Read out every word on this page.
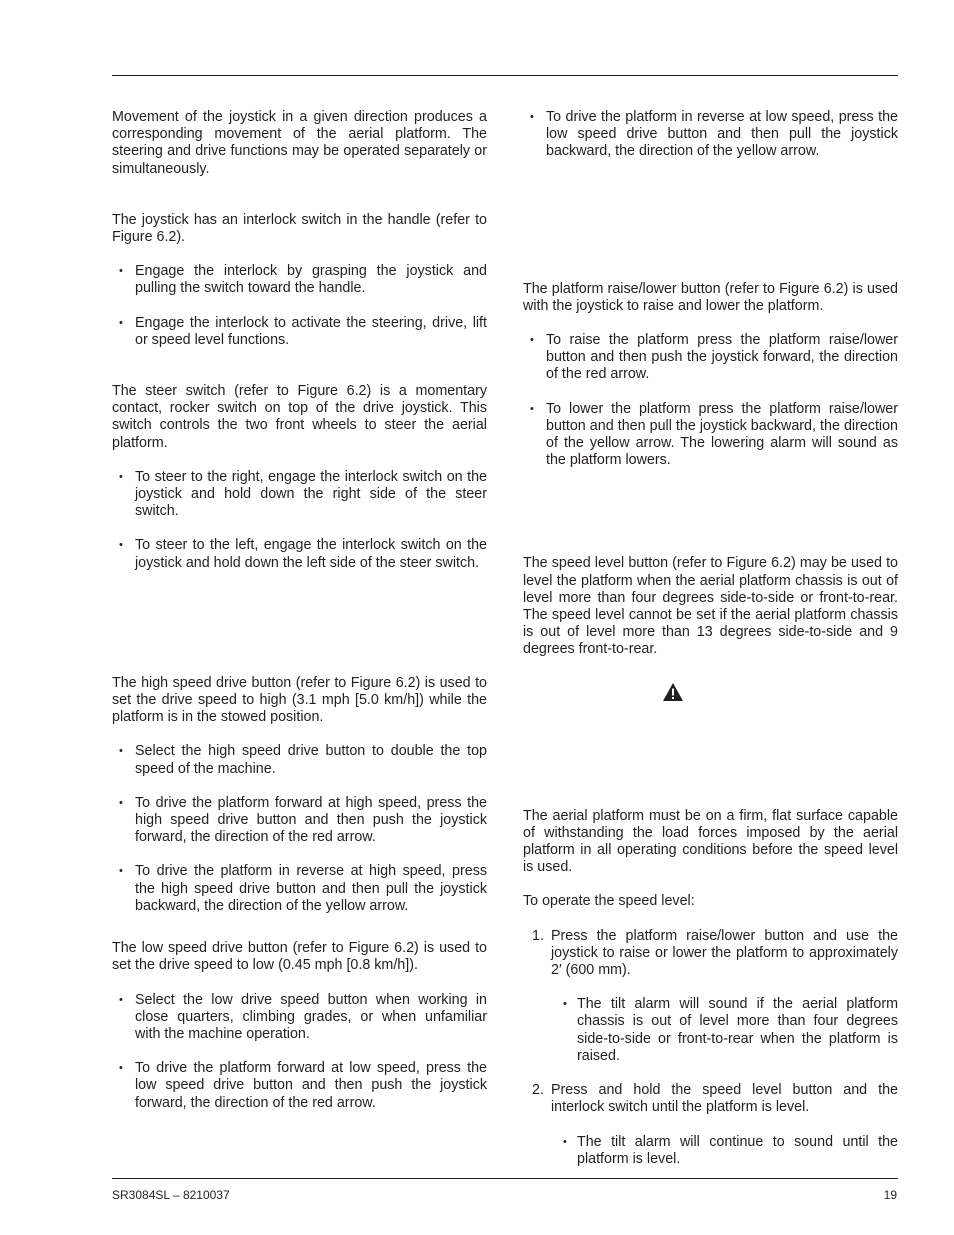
Movement of the joystick in a given direction produces a corresponding movement of the aerial platform. The steering and drive functions may be operated separately or simultaneously.

The joystick has an interlock switch in the handle (refer to Figure 6.2).

• Engage the interlock by grasping the joystick and pulling the switch toward the handle.
• Engage the interlock to activate the steering, drive, lift or speed level functions.

The steer switch (refer to Figure 6.2) is a momentary contact, rocker switch on top of the drive joystick. This switch controls the two front wheels to steer the aerial platform.

• To steer to the right, engage the interlock switch on the joystick and hold down the right side of the steer switch.
• To steer to the left, engage the interlock switch on the joystick and hold down the left side of the steer switch.

The high speed drive button (refer to Figure 6.2) is used to set the drive speed to high (3.1 mph [5.0 km/h]) while the platform is in the stowed position.

• Select the high speed drive button to double the top speed of the machine.
• To drive the platform forward at high speed, press the high speed drive button and then push the joystick forward, the direction of the red arrow.
• To drive the platform in reverse at high speed, press the high speed drive button and then pull the joystick backward, the direction of the yellow arrow.

The low speed drive button (refer to Figure 6.2) is used to set the drive speed to low (0.45 mph [0.8 km/h]).

• Select the low drive speed button when working in close quarters, climbing grades, or when unfamiliar with the machine operation.
• To drive the platform forward at low speed, press the low speed drive button and then push the joystick forward, the direction of the red arrow.
• To drive the platform in reverse at low speed, press the low speed drive button and then pull the joystick backward, the direction of the yellow arrow.

The platform raise/lower button (refer to Figure 6.2) is used with the joystick to raise and lower the platform.

• To raise the platform press the platform raise/lower button and then push the joystick forward, the direction of the red arrow.
• To lower the platform press the platform raise/lower button and then pull the joystick backward, the direction of the yellow arrow. The lowering alarm will sound as the platform lowers.

The speed level button (refer to Figure 6.2) may be used to level the platform when the aerial platform chassis is out of level more than four degrees side-to-side or front-to-rear. The speed level cannot be set if the aerial platform chassis is out of level more than 13 degrees side-to-side and 9 degrees front-to-rear.

The aerial platform must be on a firm, flat surface capable of withstanding the load forces imposed by the aerial platform in all operating conditions before the speed level is used.

To operate the speed level:

1. Press the platform raise/lower button and use the joystick to raise or lower the platform to approximately 2′ (600 mm).
• The tilt alarm will sound if the aerial platform chassis is out of level more than four degrees side-to-side or front-to-rear when the platform is raised.
2. Press and hold the speed level button and the interlock switch until the platform is level.
• The tilt alarm will continue to sound until the platform is level.
SR3084SL – 8210037	19
